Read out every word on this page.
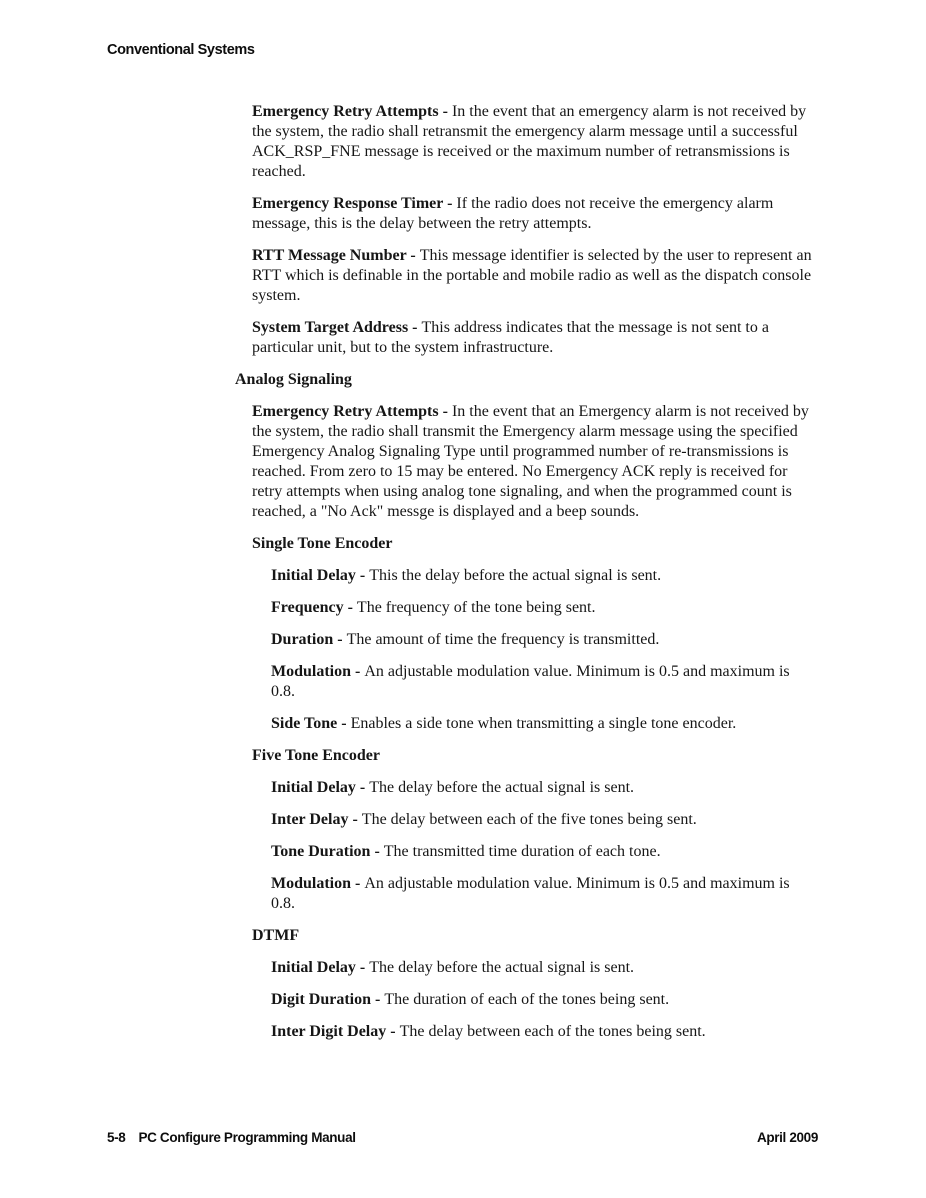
Conventional Systems
Emergency Retry Attempts - In the event that an emergency alarm is not received by the system, the radio shall retransmit the emergency alarm message until a successful ACK_RSP_FNE message is received or the maximum number of retransmissions is reached.
Emergency Response Timer - If the radio does not receive the emergency alarm message, this is the delay between the retry attempts.
RTT Message Number - This message identifier is selected by the user to represent an RTT which is definable in the portable and mobile radio as well as the dispatch console system.
System Target Address - This address indicates that the message is not sent to a particular unit, but to the system infrastructure.
Analog Signaling
Emergency Retry Attempts - In the event that an Emergency alarm is not received by the system, the radio shall transmit the Emergency alarm message using the specified Emergency Analog Signaling Type until programmed number of re-transmissions is reached. From zero to 15 may be entered. No Emergency ACK reply is received for retry attempts when using analog tone signaling, and when the programmed count is reached, a "No Ack" messge is displayed and a beep sounds.
Single Tone Encoder
Initial Delay - This the delay before the actual signal is sent.
Frequency - The frequency of the tone being sent.
Duration - The amount of time the frequency is transmitted.
Modulation - An adjustable modulation value. Minimum is 0.5 and maximum is 0.8.
Side Tone - Enables a side tone when transmitting a single tone encoder.
Five Tone Encoder
Initial Delay - The delay before the actual signal is sent.
Inter Delay - The delay between each of the five tones being sent.
Tone Duration - The transmitted time duration of each tone.
Modulation - An adjustable modulation value. Minimum is 0.5 and maximum is 0.8.
DTMF
Initial Delay - The delay before the actual signal is sent.
Digit Duration - The duration of each of the tones being sent.
Inter Digit Delay - The delay between each of the tones being sent.
5-8 PC Configure Programming Manual	April 2009
